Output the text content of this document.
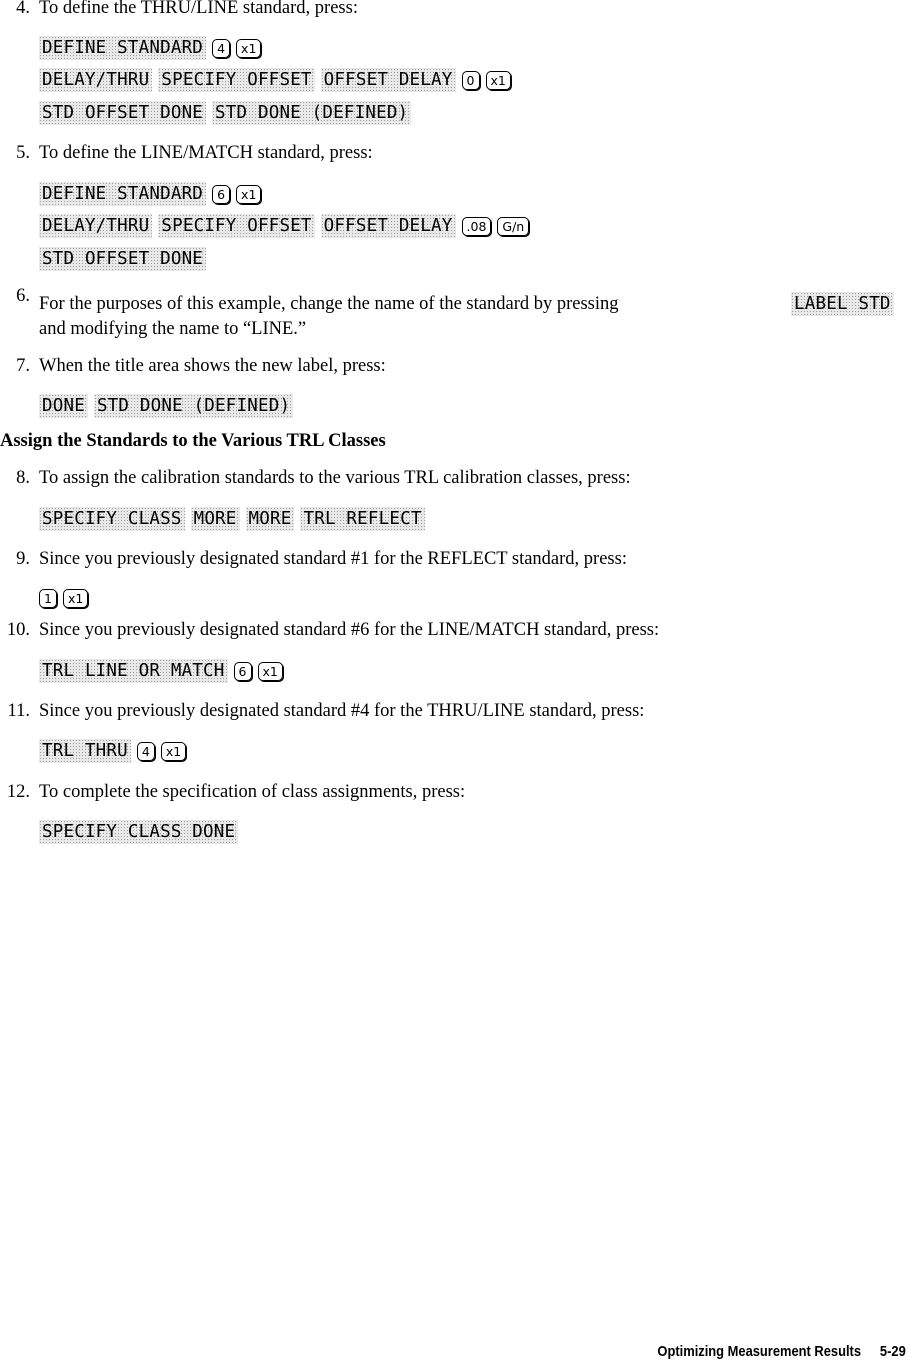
4. To define the THRU/LINE standard, press:
DEFINE STANDARD	4	x1
DELAY/THRU SPECIFY OFFSET OFFSET DELAY	0	x1
STD OFFSET DONE STD DONE (DEFINED)
5. To define the LINE/MATCH standard, press:
DEFINE STANDARD	6	x1
DELAY/THRU SPECIFY OFFSET OFFSET DELAY	.08	G/n
STD OFFSET DONE
6. For the purposes of this example, change the name of the standard by pressing	LABEL STD
and modifying the name to “LINE.”
7. When the title area shows the new label, press:
DONE STD DONE (DEFINED)
Assign the Standards to the Various TRL Classes
8. To assign the calibration standards to the various TRL calibration classes, press:
SPECIFY CLASS MORE MORE TRL REFLECT
9. Since you previously designated standard #1 for the REFLECT standard, press:
1	x1
10. Since you previously designated standard #6 for the LINE/MATCH standard, press:
TRL LINE OR MATCH	6	x1
11. Since you previously designated standard #4 for the THRU/LINE standard, press:
TRL THRU	4	x1
12. To complete the specification of class assignments, press:
SPECIFY CLASS DONE
Optimizing Measurement Results 5-29
